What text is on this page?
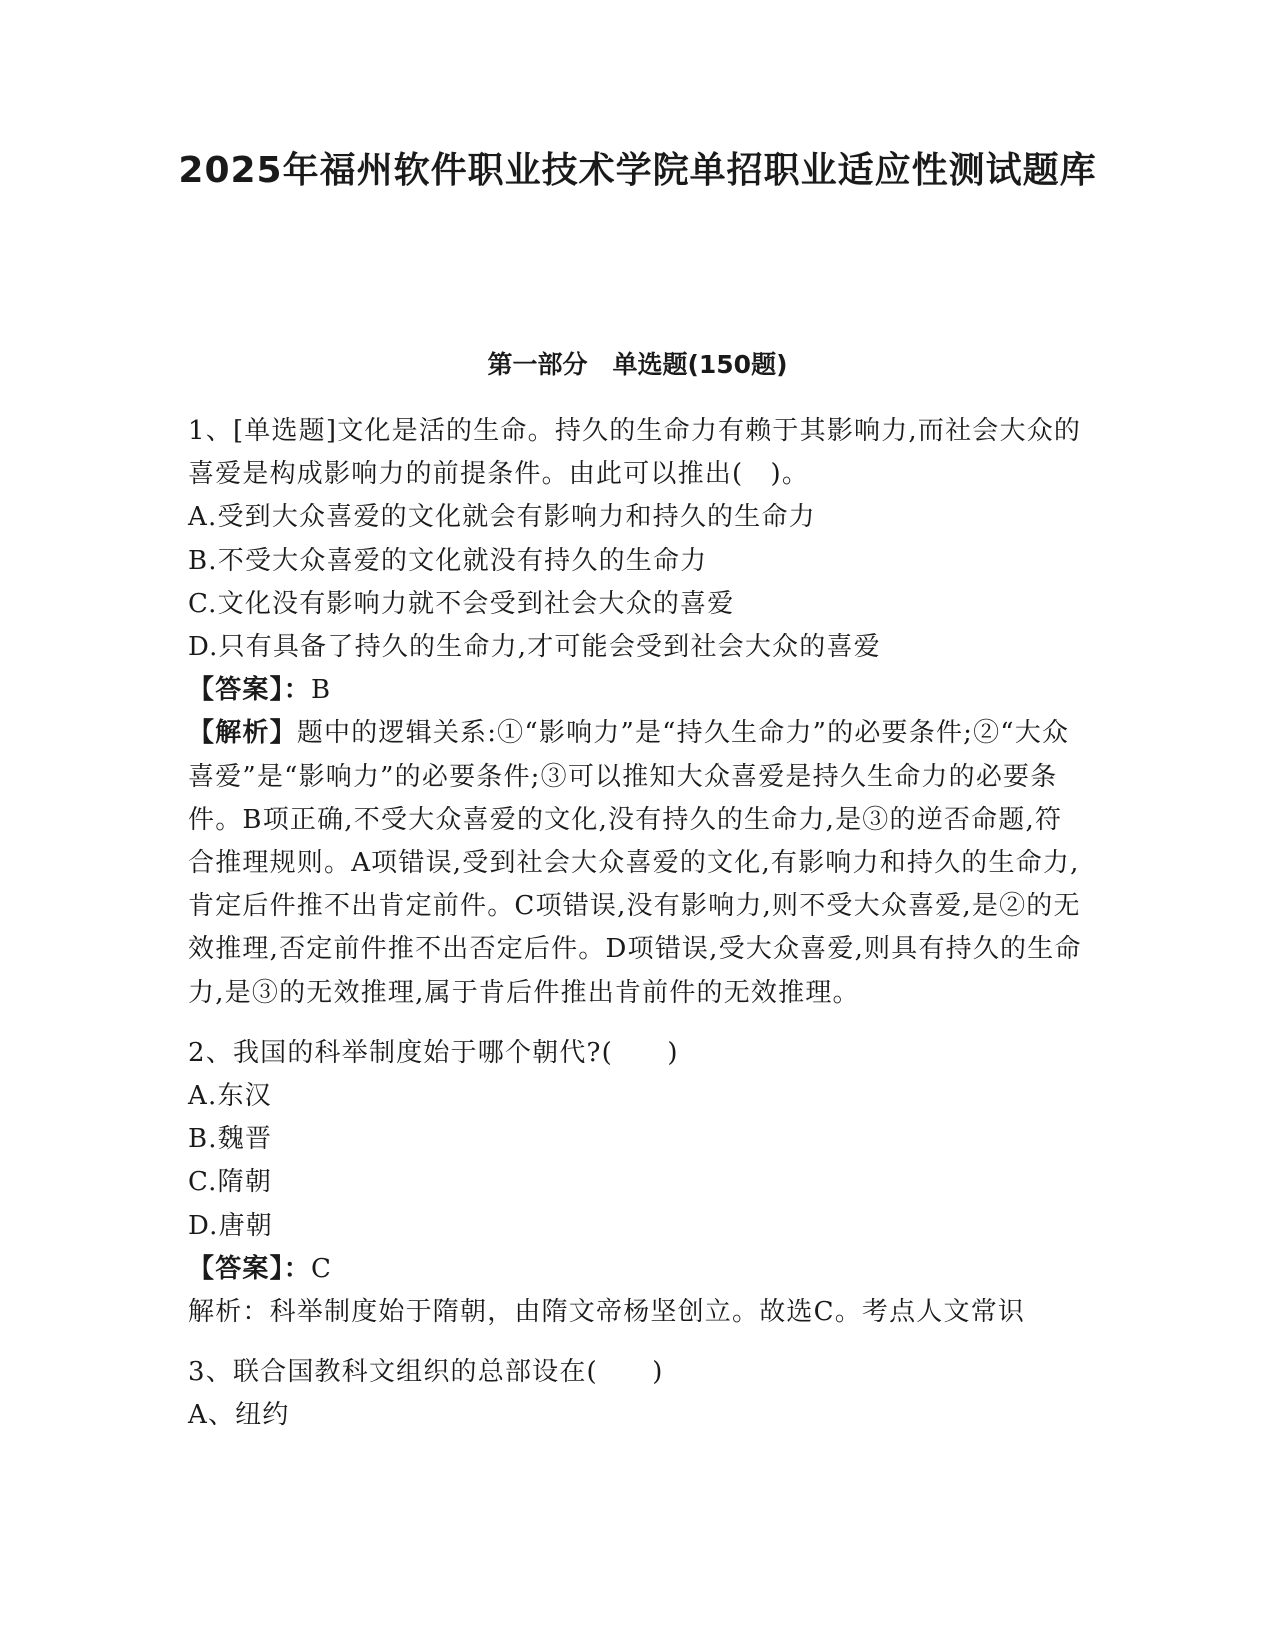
2025年福州软件职业技术学院单招职业适应性测试题库
第一部分　单选题(150题)

1、[单选题]文化是活的生命。持久的生命力有赖于其影响力,而社会大众的喜爱是构成影响力的前提条件。由此可以推出(　)。

A.受到大众喜爱的文化就会有影响力和持久的生命力

B.不受大众喜爱的文化就没有持久的生命力

C.文化没有影响力就不会受到社会大众的喜爱

D.只有具备了持久的生命力,才可能会受到社会大众的喜爱

【答案】：B

【解析】题中的逻辑关系:①“影响力”是“持久生命力”的必要条件;②“大众喜爱”是“影响力”的必要条件;③可以推知大众喜爱是持久生命力的必要条件。B项正确,不受大众喜爱的文化,没有持久的生命力,是③的逆否命题,符合推理规则。A项错误,受到社会大众喜爱的文化,有影响力和持久的生命力,肯定后件推不出肯定前件。C项错误,没有影响力,则不受大众喜爱,是②的无效推理,否定前件推不出否定后件。D项错误,受大众喜爱,则具有持久的生命力,是③的无效推理,属于肯后件推出肯前件的无效推理。

2、我国的科举制度始于哪个朝代?(　　)

A.东汉

B.魏晋

C.隋朝

D.唐朝

【答案】：C

解析：科举制度始于隋朝，由隋文帝杨坚创立。故选C。考点人文常识

3、联合国教科文组织的总部设在(　　)

A、纽约
